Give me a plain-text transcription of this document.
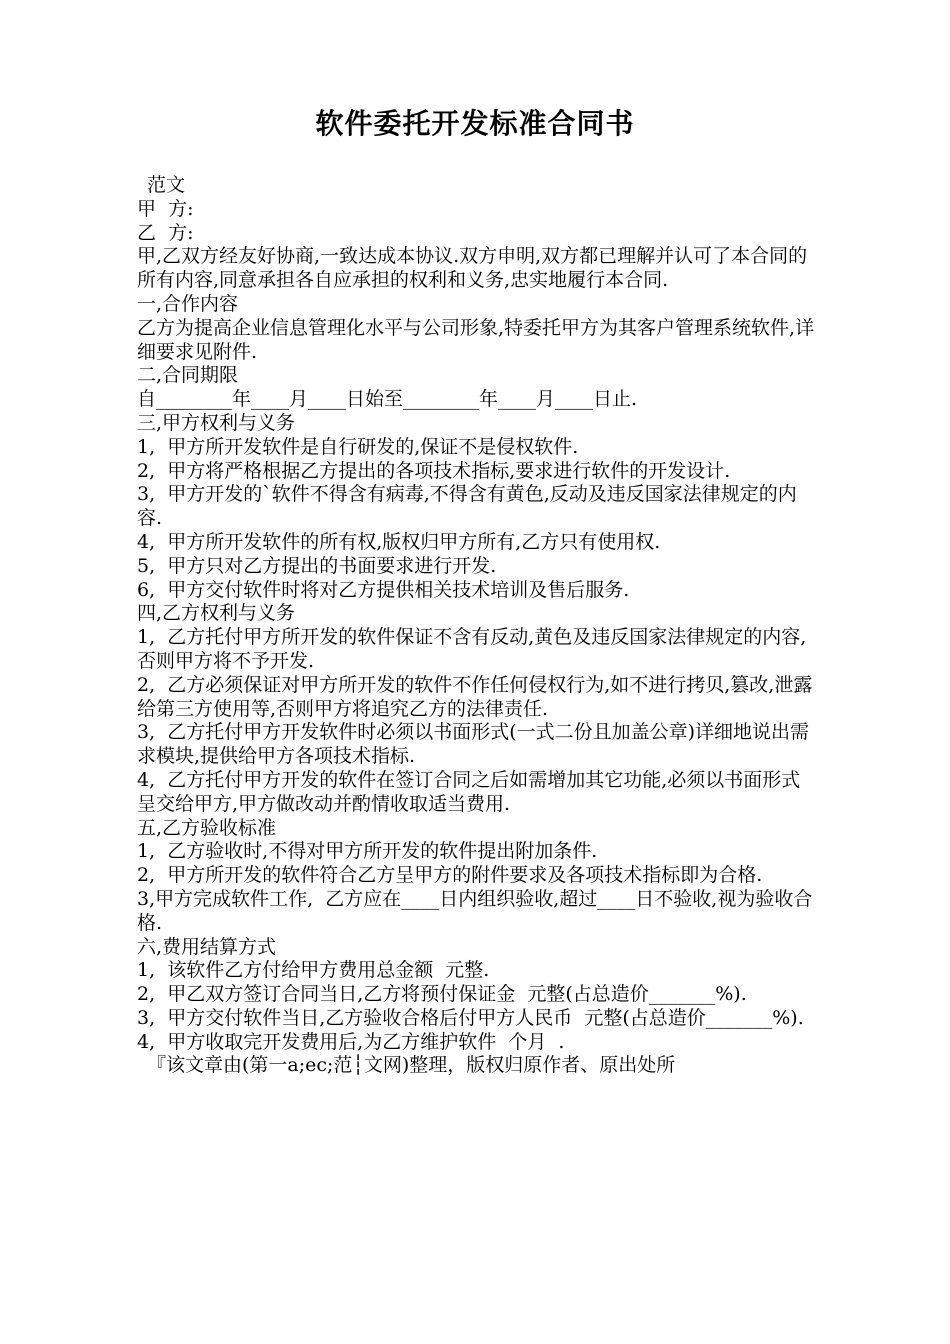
软件委托开发标准合同书
范文
甲  方:
乙  方:
甲,乙双方经友好协商,一致达成本协议.双方申明,双方都已理解并认可了本合同的所有内容,同意承担各自应承担的权利和义务,忠实地履行本合同.
一,合作内容
乙方为提高企业信息管理化水平与公司形象,特委托甲方为其客户管理系统软件,详细要求见附件.
二,合同期限
自________年____月____日始至________年____月____日止.
三,甲方权利与义务
1,  甲方所开发软件是自行研发的,保证不是侵权软件.
2,  甲方将严格根据乙方提出的各项技术指标,要求进行软件的开发设计.
3,  甲方开发的`软件不得含有病毒,不得含有黄色,反动及违反国家法律规定的内容.
4,  甲方所开发软件的所有权,版权归甲方所有,乙方只有使用权.
5,  甲方只对乙方提出的书面要求进行开发.
6,  甲方交付软件时将对乙方提供相关技术培训及售后服务.
四,乙方权利与义务
1,  乙方托付甲方所开发的软件保证不含有反动,黄色及违反国家法律规定的内容,否则甲方将不予开发.
2,  乙方必须保证对甲方所开发的软件不作任何侵权行为,如不进行拷贝,篡改,泄露给第三方使用等,否则甲方将追究乙方的法律责任.
3,  乙方托付甲方开发软件时必须以书面形式(一式二份且加盖公章)详细地说出需求模块,提供给甲方各项技术指标.
4,  乙方托付甲方开发的软件在签订合同之后如需增加其它功能,必须以书面形式呈交给甲方,甲方做改动并酌情收取适当费用.
五,乙方验收标准
1,  乙方验收时,不得对甲方所开发的软件提出附加条件.
2,  甲方所开发的软件符合乙方呈甲方的附件要求及各项技术指标即为合格.
3,甲方完成软件工作,  乙方应在____日内组织验收,超过____日不验收,视为验收合格.
六,费用结算方式
1,  该软件乙方付给甲方费用总金额  元整.
2,  甲乙双方签订合同当日,乙方将预付保证金  元整(占总造价_______%).
3,  甲方交付软件当日,乙方验收合格后付甲方人民币  元整(占总造价_______%).
4,  甲方收取完开发费用后,为乙方维护软件  个月  .
『该文章由(第一a;ec;范┆文网)整理，版权归原作者、原出处所
